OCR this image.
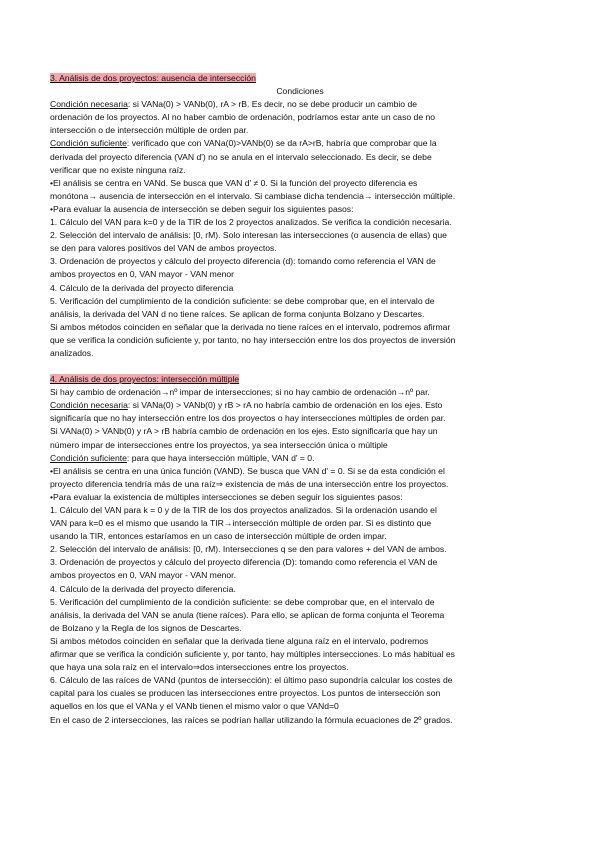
3. Análisis de dos proyectos: ausencia de intersección
Condiciones
Condición necesaria: si VANa(0) > VANb(0), rA > rB. Es decir, no se debe producir un cambio de
ordenación de los proyectos. Al no haber cambio de ordenación, podríamos estar ante un caso de no
intersección o de intersección múltiple de orden par.
Condición suficiente: verificado que con VANa(0)>VANb(0) se da rA>rB, habría que comprobar que la
derivada del proyecto diferencia (VAN d') no se anula en el intervalo seleccionado. Es decir, se debe
verificar que no existe ninguna raíz.
•El análisis se centra en VANd. Se busca que VAN d' ≠ 0. Si la función del proyecto diferencia es
monótona→ ausencia de intersección en el intervalo. Si cambiase dicha tendencia→ intersección múltiple.
•Para evaluar la ausencia de intersección se deben seguir los siguientes pasos:
1. Cálculo del VAN para k=0 y de la TIR de los 2 proyectos analizados. Se verifica la condición necesaria.
2. Selección del intervalo de análisis: [0, rM). Solo interesan las intersecciones (o ausencia de ellas) que
se den para valores positivos del VAN de ambos proyectos.
3. Ordenación de proyectos y cálculo del proyecto diferencia (d): tomando como referencia el VAN de
ambos proyectos en 0, VAN mayor - VAN menor
4. Cálculo de la derivada del proyecto diferencia
5. Verificación del cumplimiento de la condición suficiente: se debe comprobar que, en el intervalo de
análisis, la derivada del VAN d no tiene raíces. Se aplican de forma conjunta Bolzano y Descartes.
Si ambos métodos coinciden en señalar que la derivada no tiene raíces en el intervalo, podremos afirmar
que se verifica la condición suficiente y, por tanto, no hay intersección entre los dos proyectos de inversión
analizados.
4. Análisis de dos proyectos: intersección múltiple
Si hay cambio de ordenación→nº impar de intersecciones; si no hay cambio de ordenación→nº par.
Condición necesaria: si VANa(0) > VANb(0) y rB > rA no habría cambio de ordenación en los ejes. Esto
significaría que no hay intersección entre los dos proyectos o hay intersecciones múltiples de orden par.
Si VANa(0) > VANb(0) y rA > rB habría cambio de ordenación en los ejes. Esto significaría que hay un
número impar de intersecciones entre los proyectos, ya sea intersección única o múltiple
Condición suficiente: para que haya intersección múltiple, VAN d' = 0.
•El análisis se centra en una única función (VAND). Se busca que VAN d' = 0. Si se da esta condición el
proyecto diferencia tendría más de una raíz⇒ existencia de más de una intersección entre los proyectos.
•Para evaluar la existencia de múltiples intersecciones se deben seguir los siguientes pasos:
1. Cálculo del VAN para k = 0 y de la TIR de los dos proyectos analizados. Si la ordenación usando el
VAN para k=0 es el mismo que usando la TIR→intersección múltiple de orden par. Si es distinto que
usando la TIR, entonces estaríamos en un caso de intersección múltiple de orden impar.
2. Selección del intervalo de análisis: [0, rM). Intersecciones q se den para valores + del VAN de ambos.
3. Ordenación de proyectos y cálculo del proyecto diferencia (D): tomando como referencia el VAN de
ambos proyectos en 0, VAN mayor - VAN menor.
4. Cálculo de la derivada del proyecto diferencia.
5. Verificación del cumplimiento de la condición suficiente: se debe comprobar que, en el intervalo de
análisis, la derivada del VAN se anula (tiene raíces). Para ello, se aplican de forma conjunta el Teorema
de Bolzano y la Regla de los signos de Descartes.
Si ambos métodos coinciden en señalar que la derivada tiene alguna raíz en el intervalo, podremos
afirmar que se verifica la condición suficiente y, por tanto, hay múltiples intersecciones. Lo más habitual es
que haya una sola raíz en el intervalo⇒dos intersecciones entre los proyectos.
6. Cálculo de las raíces de VANd (puntos de intersección): el último paso supondría calcular los costes de
capital para los cuales se producen las intersecciones entre proyectos. Los puntos de intersección son
aquellos en los que el VANa y el VANb tienen el mismo valor o que VANd=0
En el caso de 2 intersecciones, las raíces se podrían hallar utilizando la fórmula ecuaciones de 2º grados.
